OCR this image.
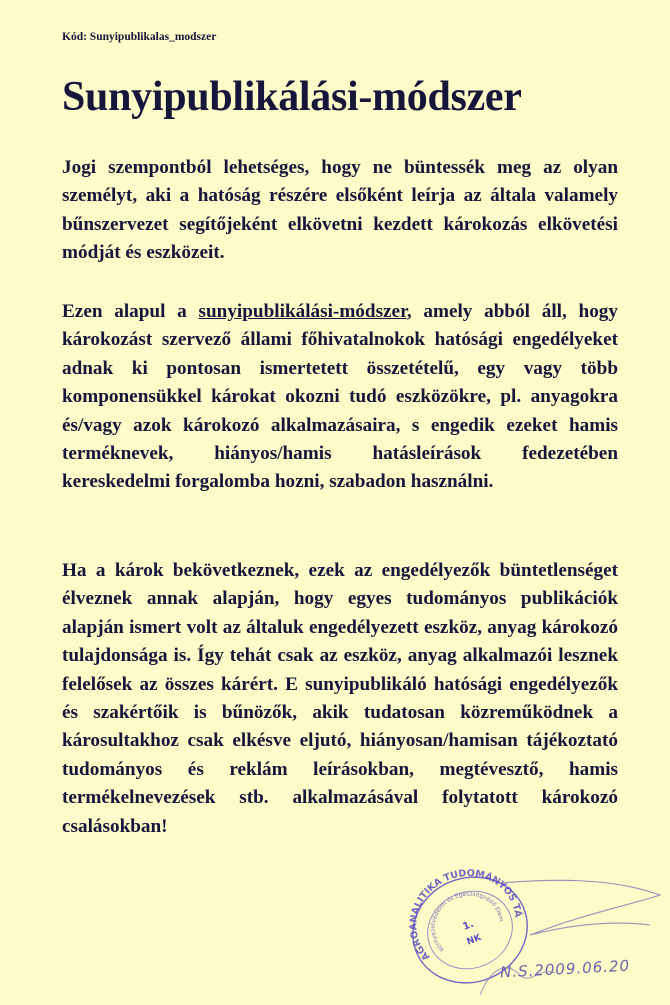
Kód: Sunyipublikalas_modszer
Sunyipublikálási-módszer

Jogi szempontból lehetséges, hogy ne büntessék meg az olyan személyt, aki a hatóság részére elsőként leírja az általa valamely bűnszervezet segítőjeként elkövetni kezdett károkozás elkövetési módját és eszközeit.

Ezen alapul a sunyipublikálási-módszer, amely abból áll, hogy károkozást szervező állami főhivatalnokok hatósági engedélyeket adnak ki pontosan ismertetett összetételű, egy vagy több komponensükkel károkat okozni tudó eszközökre, pl. anyagokra és/vagy azok károkozó alkalmazásaira, s engedik ezeket hamis terméknevek, hiányos/hamis hatásleírások fedezetében kereskedelmi forgalomba hozni, szabadon használni.

Ha a károk bekövetkeznek, ezek az engedélyezők büntetlenséget élveznek annak alapján, hogy egyes tudományos publikációk alapján ismert volt az általuk engedélyezett eszköz, anyag károkozó tulajdonsága is. Így tehát csak az eszköz, anyag alkalmazói lesznek felelősek az összes kárért. E sunyipublikáló hatósági engedélyezők és szakértőik is bűnözők, akik tudatosan közreműködnek a károsultakhoz csak elkésve eljutó, hiányosan/hamisan tájékoztató tudományos és reklám leírásokban, megtévesztő, hamis termékelnevezések stb. alkalmazásával folytatott károkozó csalásokban!

AGROANALITIKA TUDOMÁNYOS TÁRSASÁG
Környezetvédelmi és Egészségvédő Elemző
1.
NK
N.S.2009.06.20
